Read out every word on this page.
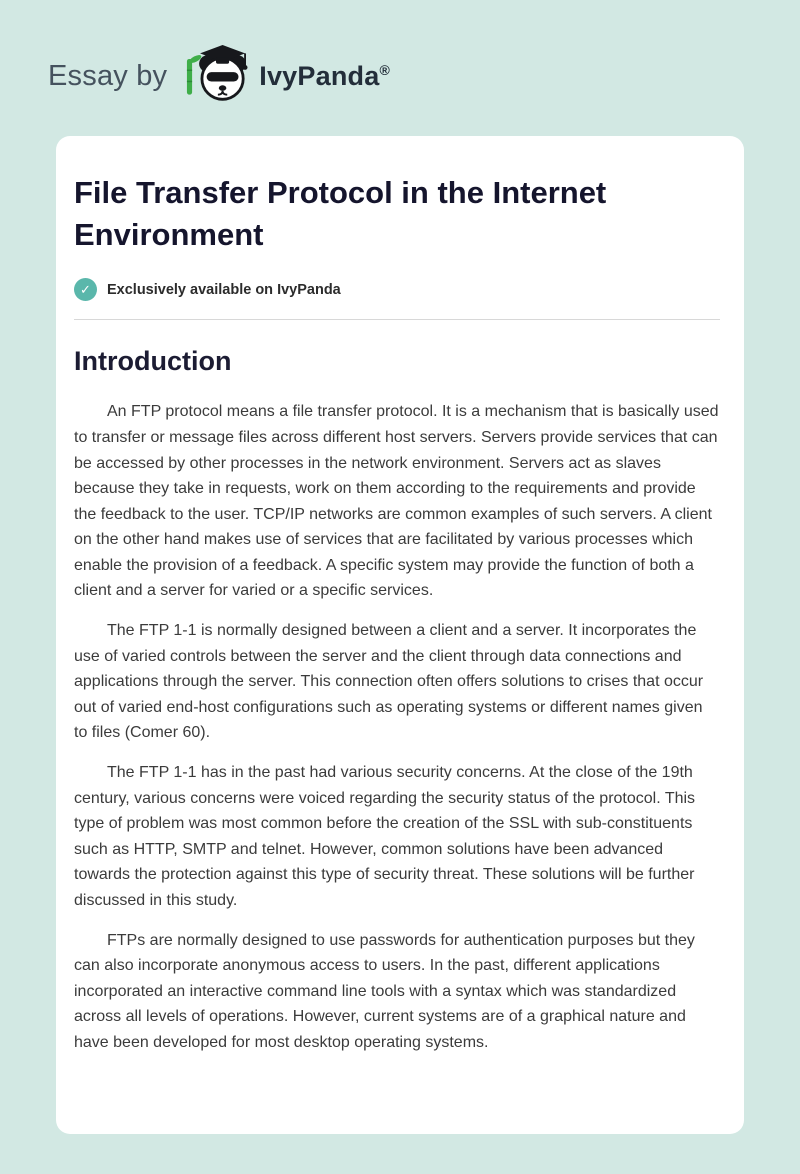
Essay by	IvyPanda®
File Transfer Protocol in the Internet Environment
✓	Exclusively available on IvyPanda
Introduction

An FTP protocol means a file transfer protocol. It is a mechanism that is basically used to transfer or message files across different host servers. Servers provide services that can be accessed by other processes in the network environment. Servers act as slaves because they take in requests, work on them according to the requirements and provide the feedback to the user. TCP/IP networks are common examples of such servers. A client on the other hand makes use of services that are facilitated by various processes which enable the provision of a feedback. A specific system may provide the function of both a client and a server for varied or a specific services.

The FTP 1-1 is normally designed between a client and a server. It incorporates the use of varied controls between the server and the client through data connections and applications through the server. This connection often offers solutions to crises that occur out of varied end-host configurations such as operating systems or different names given to files (Comer 60).

The FTP 1-1 has in the past had various security concerns. At the close of the 19th century, various concerns were voiced regarding the security status of the protocol. This type of problem was most common before the creation of the SSL with sub-constituents such as HTTP, SMTP and telnet. However, common solutions have been advanced towards the protection against this type of security threat. These solutions will be further discussed in this study.

FTPs are normally designed to use passwords for authentication purposes but they can also incorporate anonymous access to users. In the past, different applications incorporated an interactive command line tools with a syntax which was standardized across all levels of operations. However, current systems are of a graphical nature and have been developed for most desktop operating systems.
